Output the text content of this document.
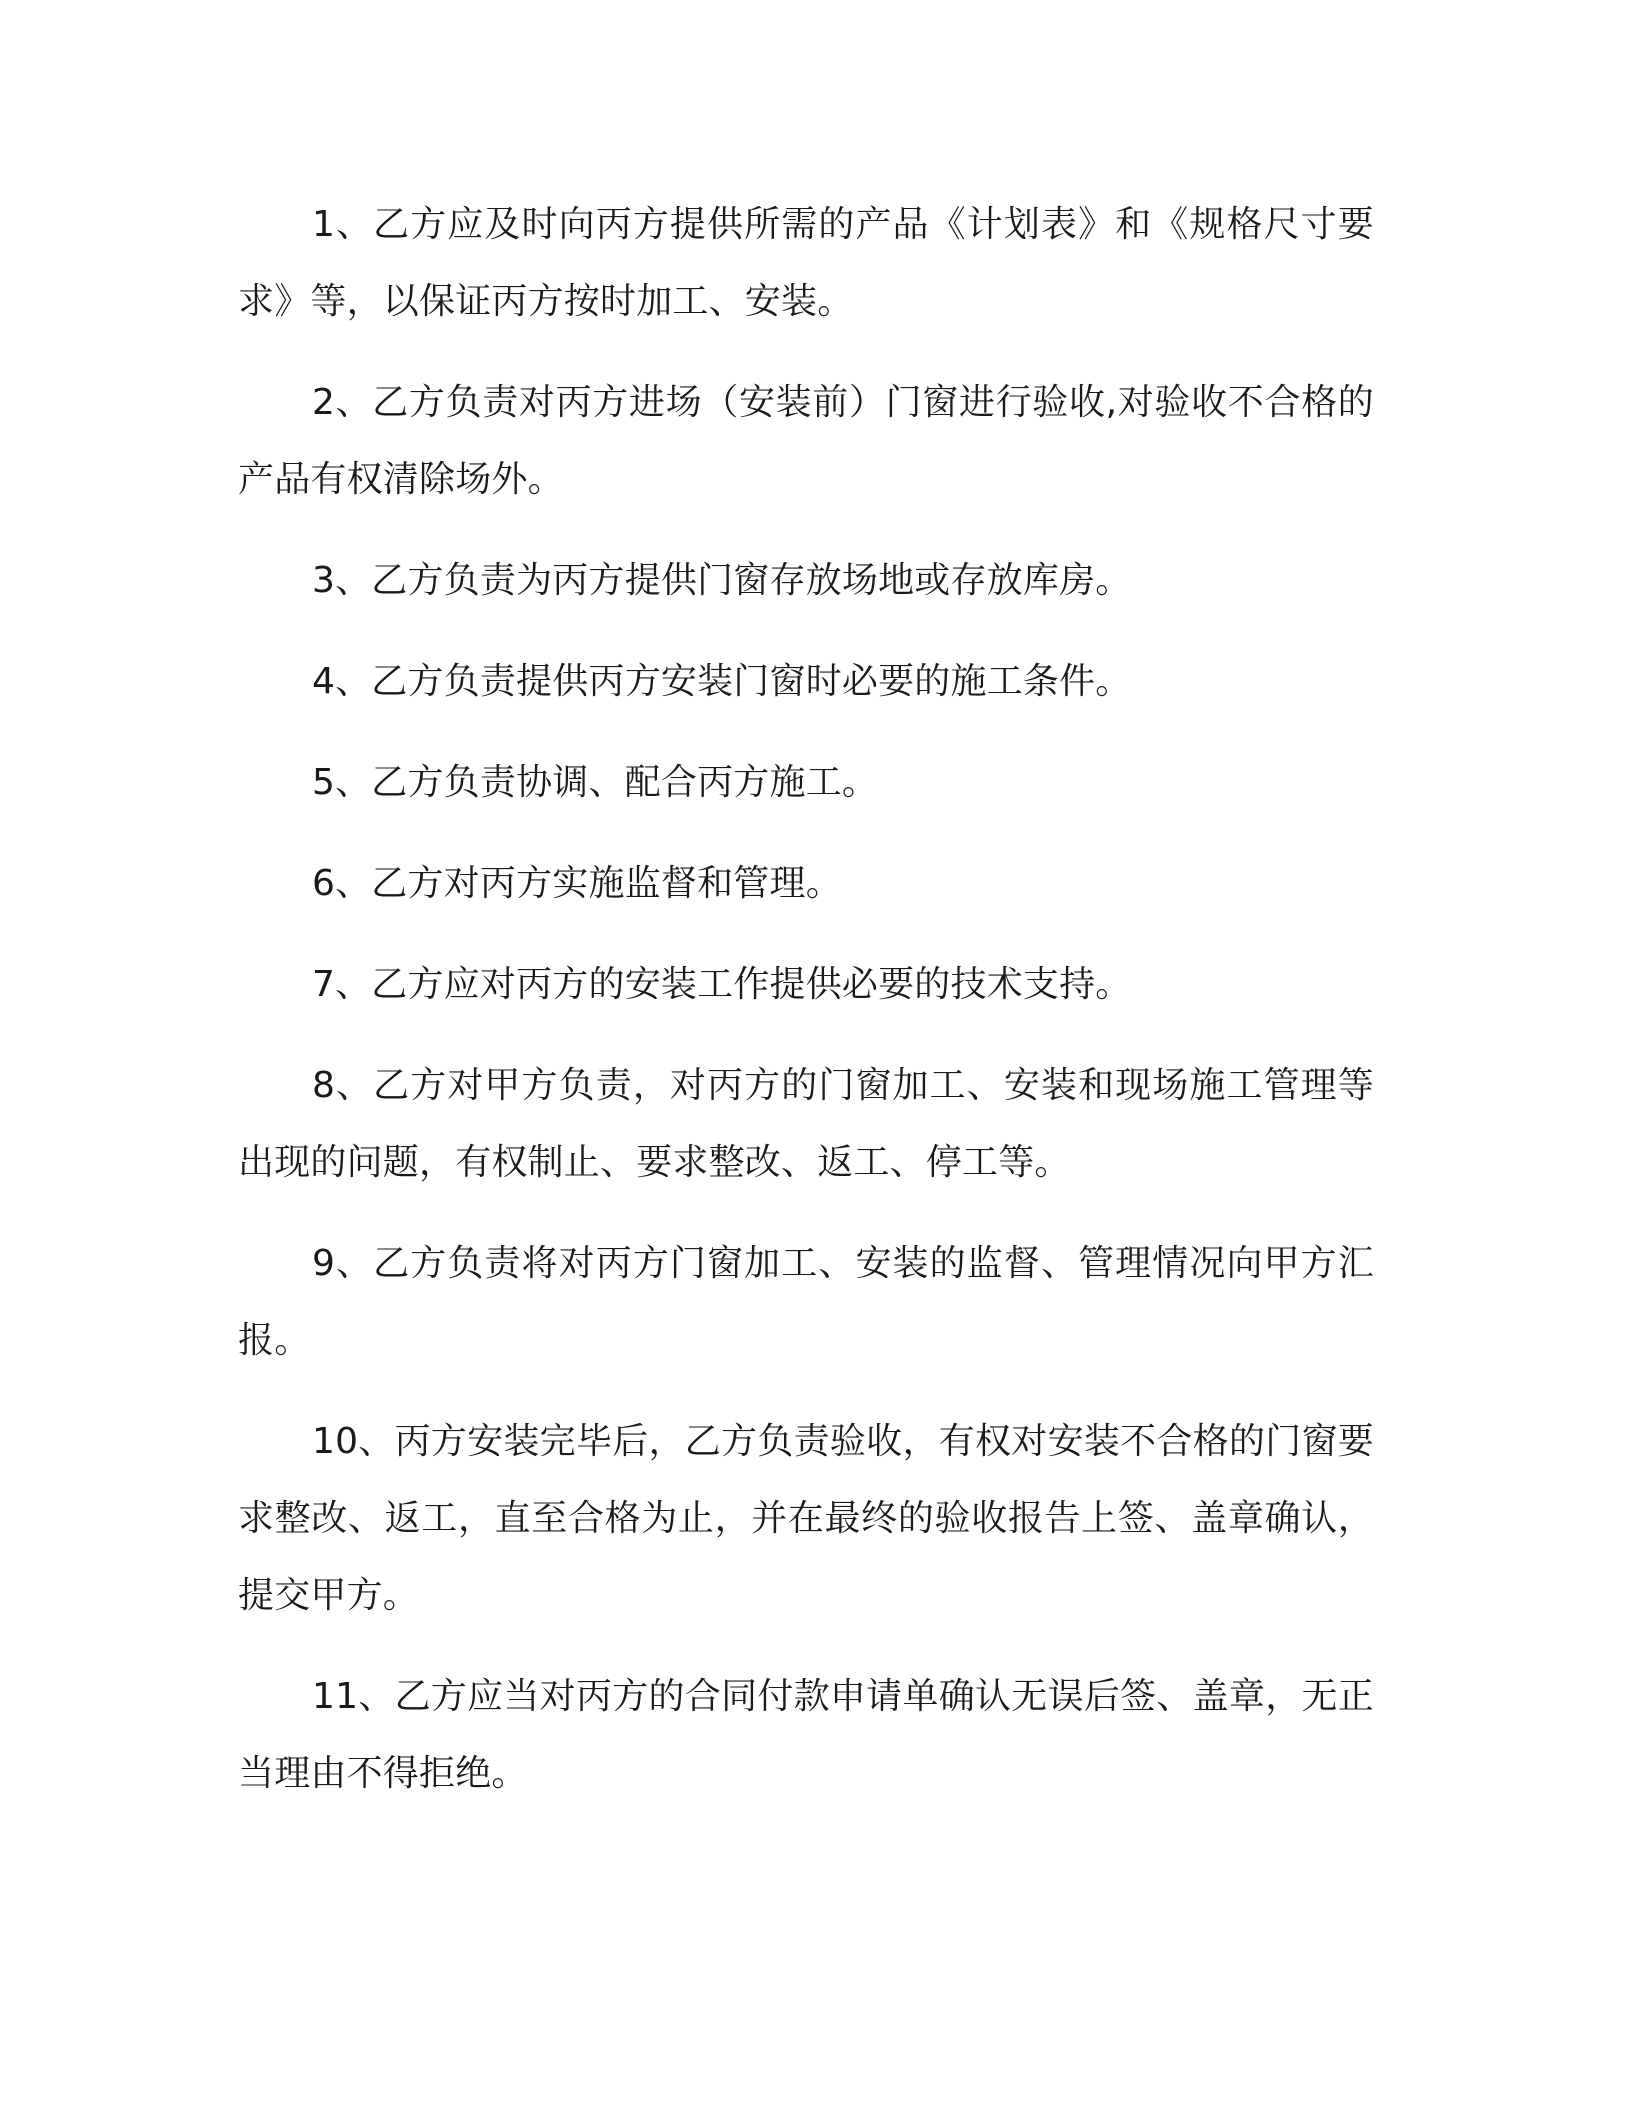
1、乙方应及时向丙方提供所需的产品《计划表》和《规格尺寸要求》等，以保证丙方按时加工、安装。

2、乙方负责对丙方进场（安装前）门窗进行验收,对验收不合格的产品有权清除场外。

3、乙方负责为丙方提供门窗存放场地或存放库房。

4、乙方负责提供丙方安装门窗时必要的施工条件。

5、乙方负责协调、配合丙方施工。

6、乙方对丙方实施监督和管理。

7、乙方应对丙方的安装工作提供必要的技术支持。

8、乙方对甲方负责，对丙方的门窗加工、安装和现场施工管理等出现的问题，有权制止、要求整改、返工、停工等。

9、乙方负责将对丙方门窗加工、安装的监督、管理情况向甲方汇报。

10、丙方安装完毕后，乙方负责验收，有权对安装不合格的门窗要求整改、返工，直至合格为止，并在最终的验收报告上签、盖章确认，提交甲方。

11、乙方应当对丙方的合同付款申请单确认无误后签、盖章，无正当理由不得拒绝。
